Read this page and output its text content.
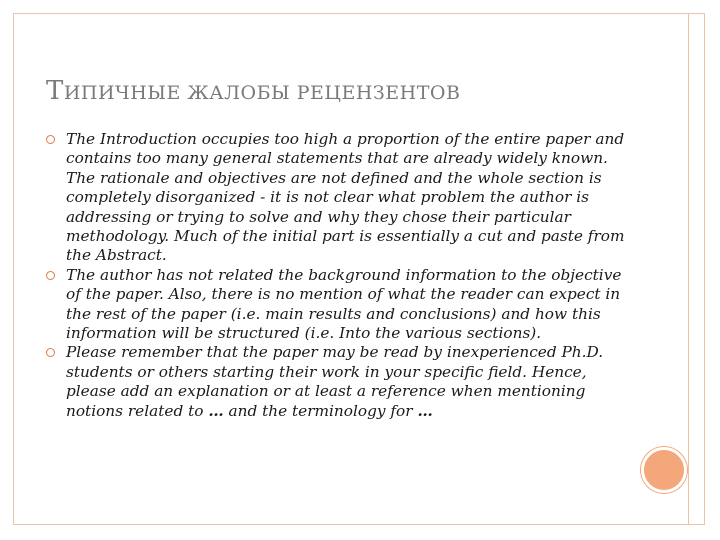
ТИПИЧНЫЕ ЖАЛОБЫ РЕЦЕНЗЕНТОВ
The Introduction occupies too high a proportion of the entire paper and contains too many general statements that are already widely known. The rationale and objectives are not defined and the whole section is completely disorganized - it is not clear what problem the author is addressing or trying to solve and why they chose their particular methodology. Much of the initial part is essentially a cut and paste from the Abstract.
The author has not related the background information to the objective of the paper. Also, there is no mention of what the reader can expect in the rest of the paper (i.e. main results and conclusions) and how this information will be structured (i.e. Into the various sections).
Please remember that the paper may be read by inexperienced Ph.D. students or others starting their work in your specific field. Hence, please add an explanation or at least a reference when mentioning notions related to … and the terminology for …
